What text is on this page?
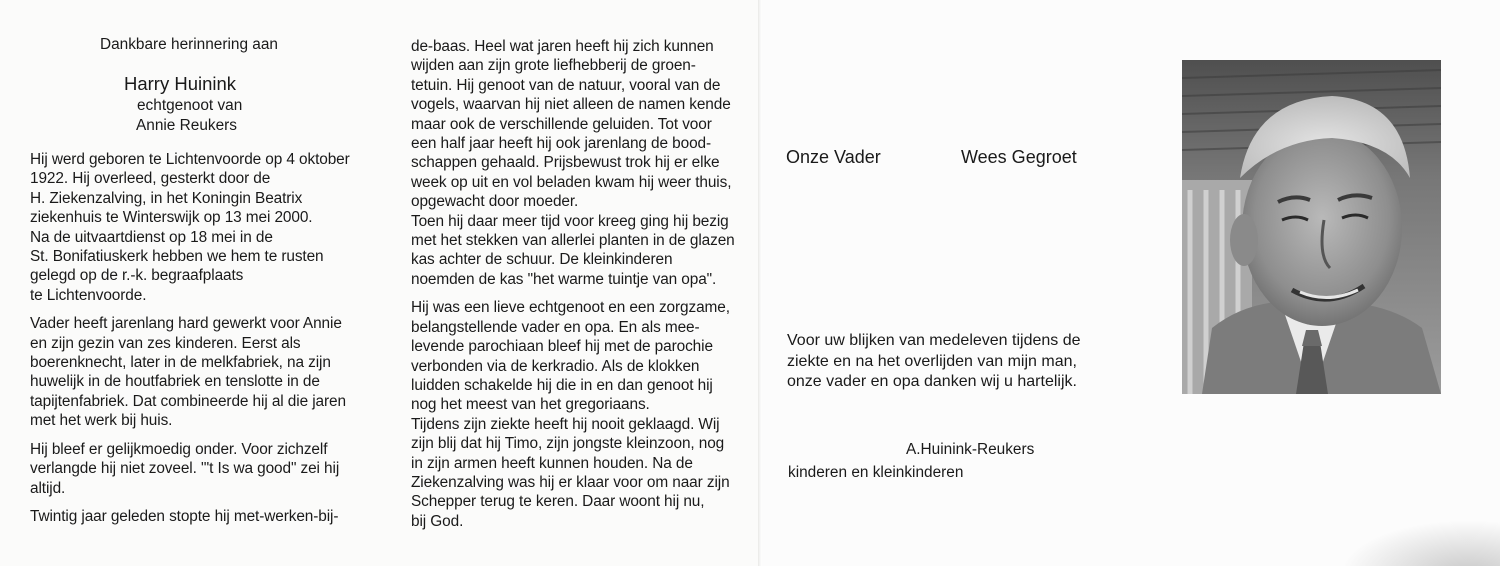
Dankbare herinnering aan
Harry Huinink
echtgenoot van
Annie Reukers

Hij werd geboren te Lichtenvoorde op 4 oktober
1922. Hij overleed, gesterkt door de
H. Ziekenzalving, in het Koningin Beatrix
ziekenhuis te Winterswijk op 13 mei 2000.
Na de uitvaartdienst op 18 mei in de
St. Bonifatiuskerk hebben we hem te rusten
gelegd op de r.-k. begraafplaats
te Lichtenvoorde.

Vader heeft jarenlang hard gewerkt voor Annie
en zijn gezin van zes kinderen. Eerst als
boerenknecht, later in de melkfabriek, na zijn
huwelijk in de houtfabriek en tenslotte in de
tapijtenfabriek. Dat combineerde hij al die jaren
met het werk bij huis.

Hij bleef er gelijkmoedig onder. Voor zichzelf
verlangde hij niet zoveel. "'t Is wa good" zei hij
altijd.

Twintig jaar geleden stopte hij met-werken-bij-

de-baas. Heel wat jaren heeft hij zich kunnen
wijden aan zijn grote liefhebberij de groen-
tetuin. Hij genoot van de natuur, vooral van de
vogels, waarvan hij niet alleen de namen kende
maar ook de verschillende geluiden. Tot voor
een half jaar heeft hij ook jarenlang de bood-
schappen gehaald. Prijsbewust trok hij er elke
week op uit en vol beladen kwam hij weer thuis,
opgewacht door moeder.
Toen hij daar meer tijd voor kreeg ging hij bezig
met het stekken van allerlei planten in de glazen
kas achter de schuur. De kleinkinderen
noemden de kas "het warme tuintje van opa".

Hij was een lieve echtgenoot en een zorgzame,
belangstellende vader en opa. En als mee-
levende parochiaan bleef hij met de parochie
verbonden via de kerkradio. Als de klokken
luidden schakelde hij die in en dan genoot hij
nog het meest van het gregoriaans.
Tijdens zijn ziekte heeft hij nooit geklaagd. Wij
zijn blij dat hij Timo, zijn jongste kleinzoon, nog
in zijn armen heeft kunnen houden. Na de
Ziekenzalving was hij er klaar voor om naar zijn
Schepper terug te keren. Daar woont hij nu,
bij God.

Onze Vader	Wees Gegroet
Voor uw blijken van medeleven tijdens de
ziekte en na het overlijden van mijn man,
onze vader en opa danken wij u hartelijk.
A.Huinink-Reukers
kinderen en kleinkinderen
